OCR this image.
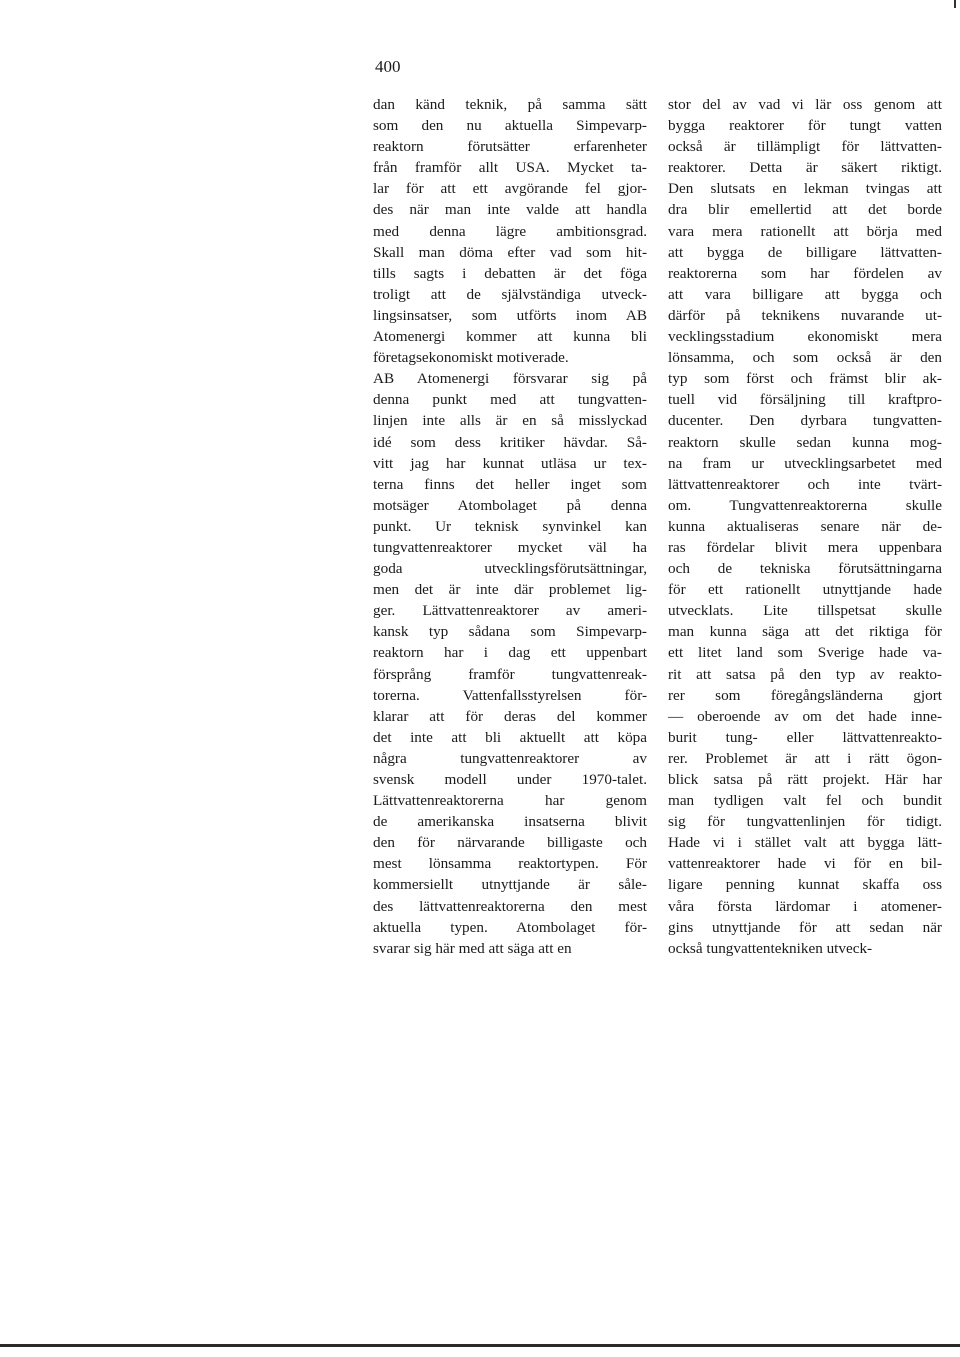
400

dan känd teknik, på samma sätt
som den nu aktuella Simpevarp-
reaktorn förutsätter erfarenheter
från framför allt USA. Mycket ta-
lar för att ett avgörande fel gjor-
des när man inte valde att handla
med denna lägre ambitionsgrad.
Skall man döma efter vad som hit-
tills sagts i debatten är det föga
troligt att de självständiga utveck-
lingsinsatser, som utförts inom AB
Atomenergi kommer att kunna bli
företagsekonomiskt motiverade.

AB Atomenergi försvarar sig på
denna punkt med att tungvatten-
linjen inte alls är en så misslyckad
idé som dess kritiker hävdar. Så-
vitt jag har kunnat utläsa ur tex-
terna finns det heller inget som
motsäger Atombolaget på denna
punkt. Ur teknisk synvinkel kan
tungvattenreaktorer mycket väl ha
goda utvecklingsförutsättningar,
men det är inte där problemet lig-
ger. Lättvattenreaktorer av ameri-
kansk typ sådana som Simpevarp-
reaktorn har i dag ett uppenbart
försprång framför tungvattenreak-
torerna. Vattenfallsstyrelsen för-
klarar att för deras del kommer
det inte att bli aktuellt att köpa
några tungvattenreaktorer av
svensk modell under 1970-talet.
Lättvattenreaktorerna har genom
de amerikanska insatserna blivit
den för närvarande billigaste och
mest lönsamma reaktortypen. För
kommersiellt utnyttjande är såle-
des lättvattenreaktorerna den mest
aktuella typen. Atombolaget för-
svarar sig här med att säga att en

stor del av vad vi lär oss genom att
bygga reaktorer för tungt vatten
också är tillämpligt för lättvatten-
reaktorer. Detta är säkert riktigt.
Den slutsats en lekman tvingas att
dra blir emellertid att det borde
vara mera rationellt att börja med
att bygga de billigare lättvatten-
reaktorerna som har fördelen av
att vara billigare att bygga och
därför på teknikens nuvarande ut-
vecklingsstadium ekonomiskt mera
lönsamma, och som också är den
typ som först och främst blir ak-
tuell vid försäljning till kraftpro-
ducenter. Den dyrbara tungvatten-
reaktorn skulle sedan kunna mog-
na fram ur utvecklingsarbetet med
lättvattenreaktorer och inte tvärt-
om. Tungvattenreaktorerna skulle
kunna aktualiseras senare när de-
ras fördelar blivit mera uppenbara
och de tekniska förutsättningarna
för ett rationellt utnyttjande hade
utvecklats. Lite tillspetsat skulle
man kunna säga att det riktiga för
ett litet land som Sverige hade va-
rit att satsa på den typ av reakto-
rer som föregångsländerna gjort
— oberoende av om det hade inne-
burit tung- eller lättvattenreakto-
rer. Problemet är att i rätt ögon-
blick satsa på rätt projekt. Här har
man tydligen valt fel och bundit
sig för tungvattenlinjen för tidigt.
Hade vi i stället valt att bygga lätt-
vattenreaktorer hade vi för en bil-
ligare penning kunnat skaffa oss
våra första lärdomar i atomener-
gins utnyttjande för att sedan när
också tungvattentekniken utveck-
